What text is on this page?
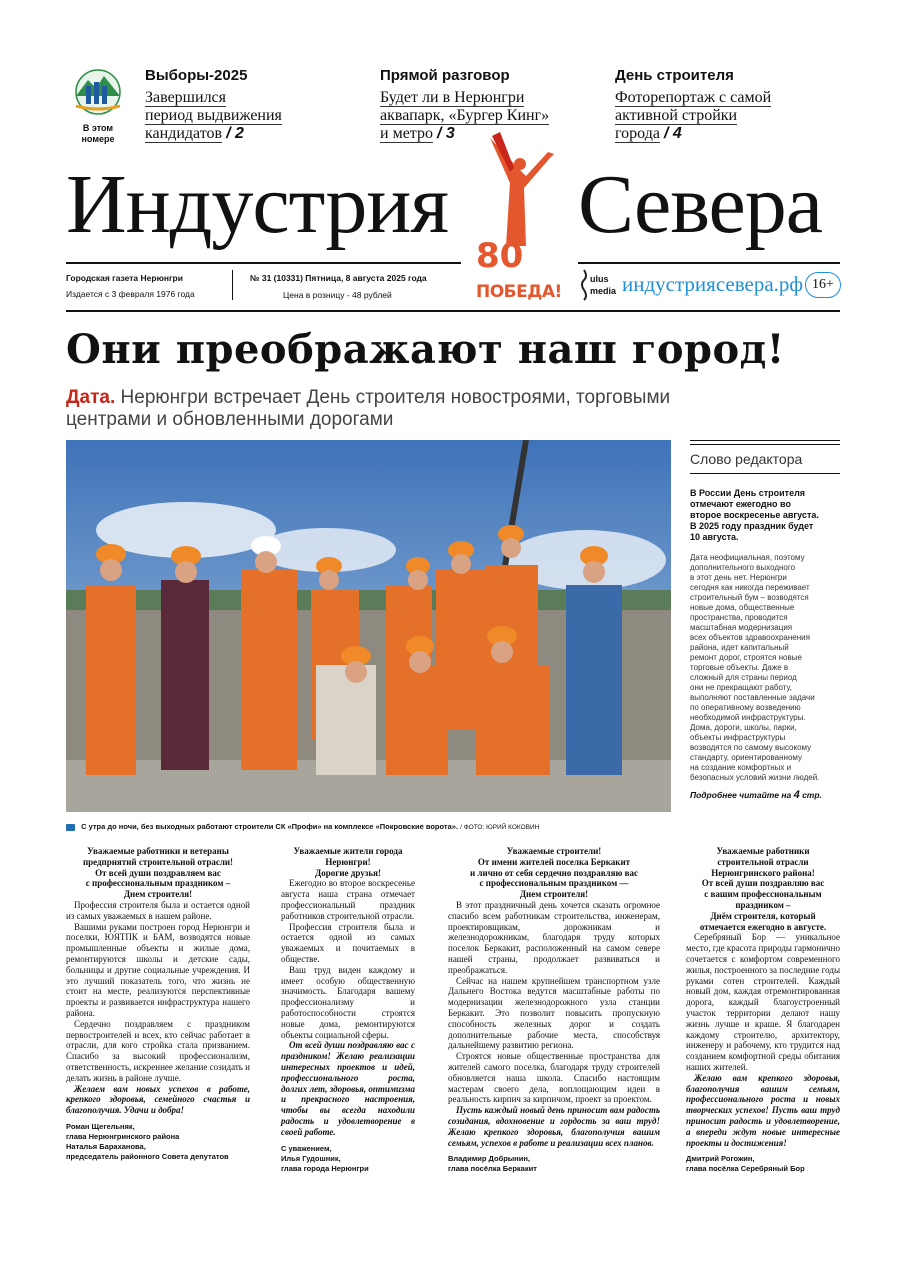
В этом
номере
Выборы-2025
Завершился
период выдвижения
кандидатов / 2
Прямой разговор
Будет ли в Нерюнгри
аквапарк, «Бургер Кинг»
и метро / 3
День строителя
Фоторепортаж с самой
активной стройки
города / 4
Индустрия Севера
80
ПОБЕДА!
Городская газета Нерюнгри
Издается с 3 февраля 1976 года
№ 31 (10331) Пятница, 8 августа 2025 года
Цена в розницу - 48 рублей
ulus
media индустриясевера.рф 16+
Они преображают наш город!
Дата. Нерюнгри встречает День строителя новостроями, торговыми
центрами и обновленными дорогами
С утра до ночи, без выходных работают строители СК «Профи» на комплексе «Покровские ворота». / ФОТО: ЮРИЙ КОКОВИН
Слово редактора
В России День строителя
отмечают ежегодно во
второе воскресенье августа.
В 2025 году праздник будет
10 августа.
Дата неофициальная, поэтому
дополнительного выходного
в этот день нет. Нерюнгри
сегодня как никогда переживает
строительный бум – возводятся
новые дома, общественные
пространства, проводится
масштабная модернизация
всех объектов здравоохранения
района, идет капитальный
ремонт дорог, строятся новые
торговые объекты. Даже в
сложный для страны период
они не прекращают работу,
выполняют поставленные задачи
по оперативному возведению
необходимой инфраструктуры.
Дома, дороги, школы, парки,
объекты инфраструктуры
возводятся по самому высокому
стандарту, ориентированному
на создание комфортных и
безопасных условий жизни людей.
Подробнее читайте на 4 стр.
Уважаемые работники и ветераны
предприятий строительной отрасли!
От всей души поздравляем вас
с профессиональным праздником –
Днем строителя!

Профессия строителя была и остается одной из самых уважаемых в нашем районе.

Вашими руками построен город Нерюнгри и поселки, ЮЯТПК и БАМ, возводятся новые промышленные объекты и жилые дома, ремонтируются школы и детские сады, больницы и другие социальные учреждения. И это лучший показатель того, что жизнь не стоит на месте, реализуются перспективные проекты и развивается инфраструктура нашего района.

Сердечно поздравляем с праздником первостроителей и всех, кто сейчас работает в отрасли, для кого стройка стала призванием. Спасибо за высокий профессионализм, ответственность, искреннее желание созидать и делать жизнь в районе лучше.

Желаем вам новых успехов в работе, крепкого здоровья, семейного счастья и благополучия. Удачи и добра!

Роман Щегельняк,
глава Нерюнгринского района
Наталья Бараханова,
председатель районного Совета депутатов
Уважаемые жители города
Нерюнгри!
Дорогие друзья!

Ежегодно во второе воскресенье августа наша страна отмечает профессиональный праздник работников строительной отрасли.

Профессия строителя была и остается одной из самых уважаемых и почитаемых в обществе.

Ваш труд виден каждому и имеет особую общественную значимость. Благодаря вашему профессионализму и работоспособности строятся новые дома, ремонтируются объекты социальной сферы.

От всей души поздравляю вас с праздником! Желаю реализации интересных проектов и идей, профессионального роста, долгих лет, здоровья, оптимизма и прекрасного настроения, чтобы вы всегда находили радость и удовлетворение в своей работе.

С уважением,
Илья Гудошник,
глава города Нерюнгри
Уважаемые строители!
От имени жителей поселка Беркакит
и лично от себя сердечно поздравляю вас
с профессиональным праздником —
Днем строителя!

В этот праздничный день хочется сказать огромное спасибо всем работникам строительства, инженерам, проектировщикам, дорожникам и железнодорожникам, благодаря труду которых поселок Беркакит, расположенный на самом севере нашей страны, продолжает развиваться и преображаться.

Сейчас на нашем крупнейшем транспортном узле Дальнего Востока ведутся масштабные работы по модернизации железнодорожного узла станции Беркакит. Это позволит повысить пропускную способность железных дорог и создать дополнительные рабочие места, способствуя дальнейшему развитию региона.

Строятся новые общественные пространства для жителей самого поселка, благодаря труду строителей обновляется наша школа. Спасибо настоящим мастерам своего дела, воплощающим идеи в реальность кирпич за кирпичом, проект за проектом.

Пусть каждый новый день приносит вам радость созидания, вдохновение и гордость за ваш труд! Желаю крепкого здоровья, благополучия вашим семьям, успехов в работе и реализации всех планов.

Владимир Добрынин,
глава посёлка Беркакит
Уважаемые работники
строительной отрасли
Нерюнгринского района!
От всей души поздравляю вас
с вашим профессиональным
праздником –
Днём строителя, который
отмечается ежегодно в августе.

Серебряный Бор — уникальное место, где красота природы гармонично сочетается с комфортом современного жилья, построенного за последние годы руками сотен строителей. Каждый новый дом, каждая отремонтированная дорога, каждый благоустроенный участок территории делают нашу жизнь лучше и краше. Я благодарен каждому строителю, архитектору, инженеру и рабочему, кто трудится над созданием комфортной среды обитания наших жителей.

Желаю вам крепкого здоровья, благополучия вашим семьям, профессионального роста и новых творческих успехов! Пусть ваш труд приносит радость и удовлетворение, а впереди ждут новые интересные проекты и достижения!

Дмитрий Рогожин,
глава посёлка Серебряный Бор
